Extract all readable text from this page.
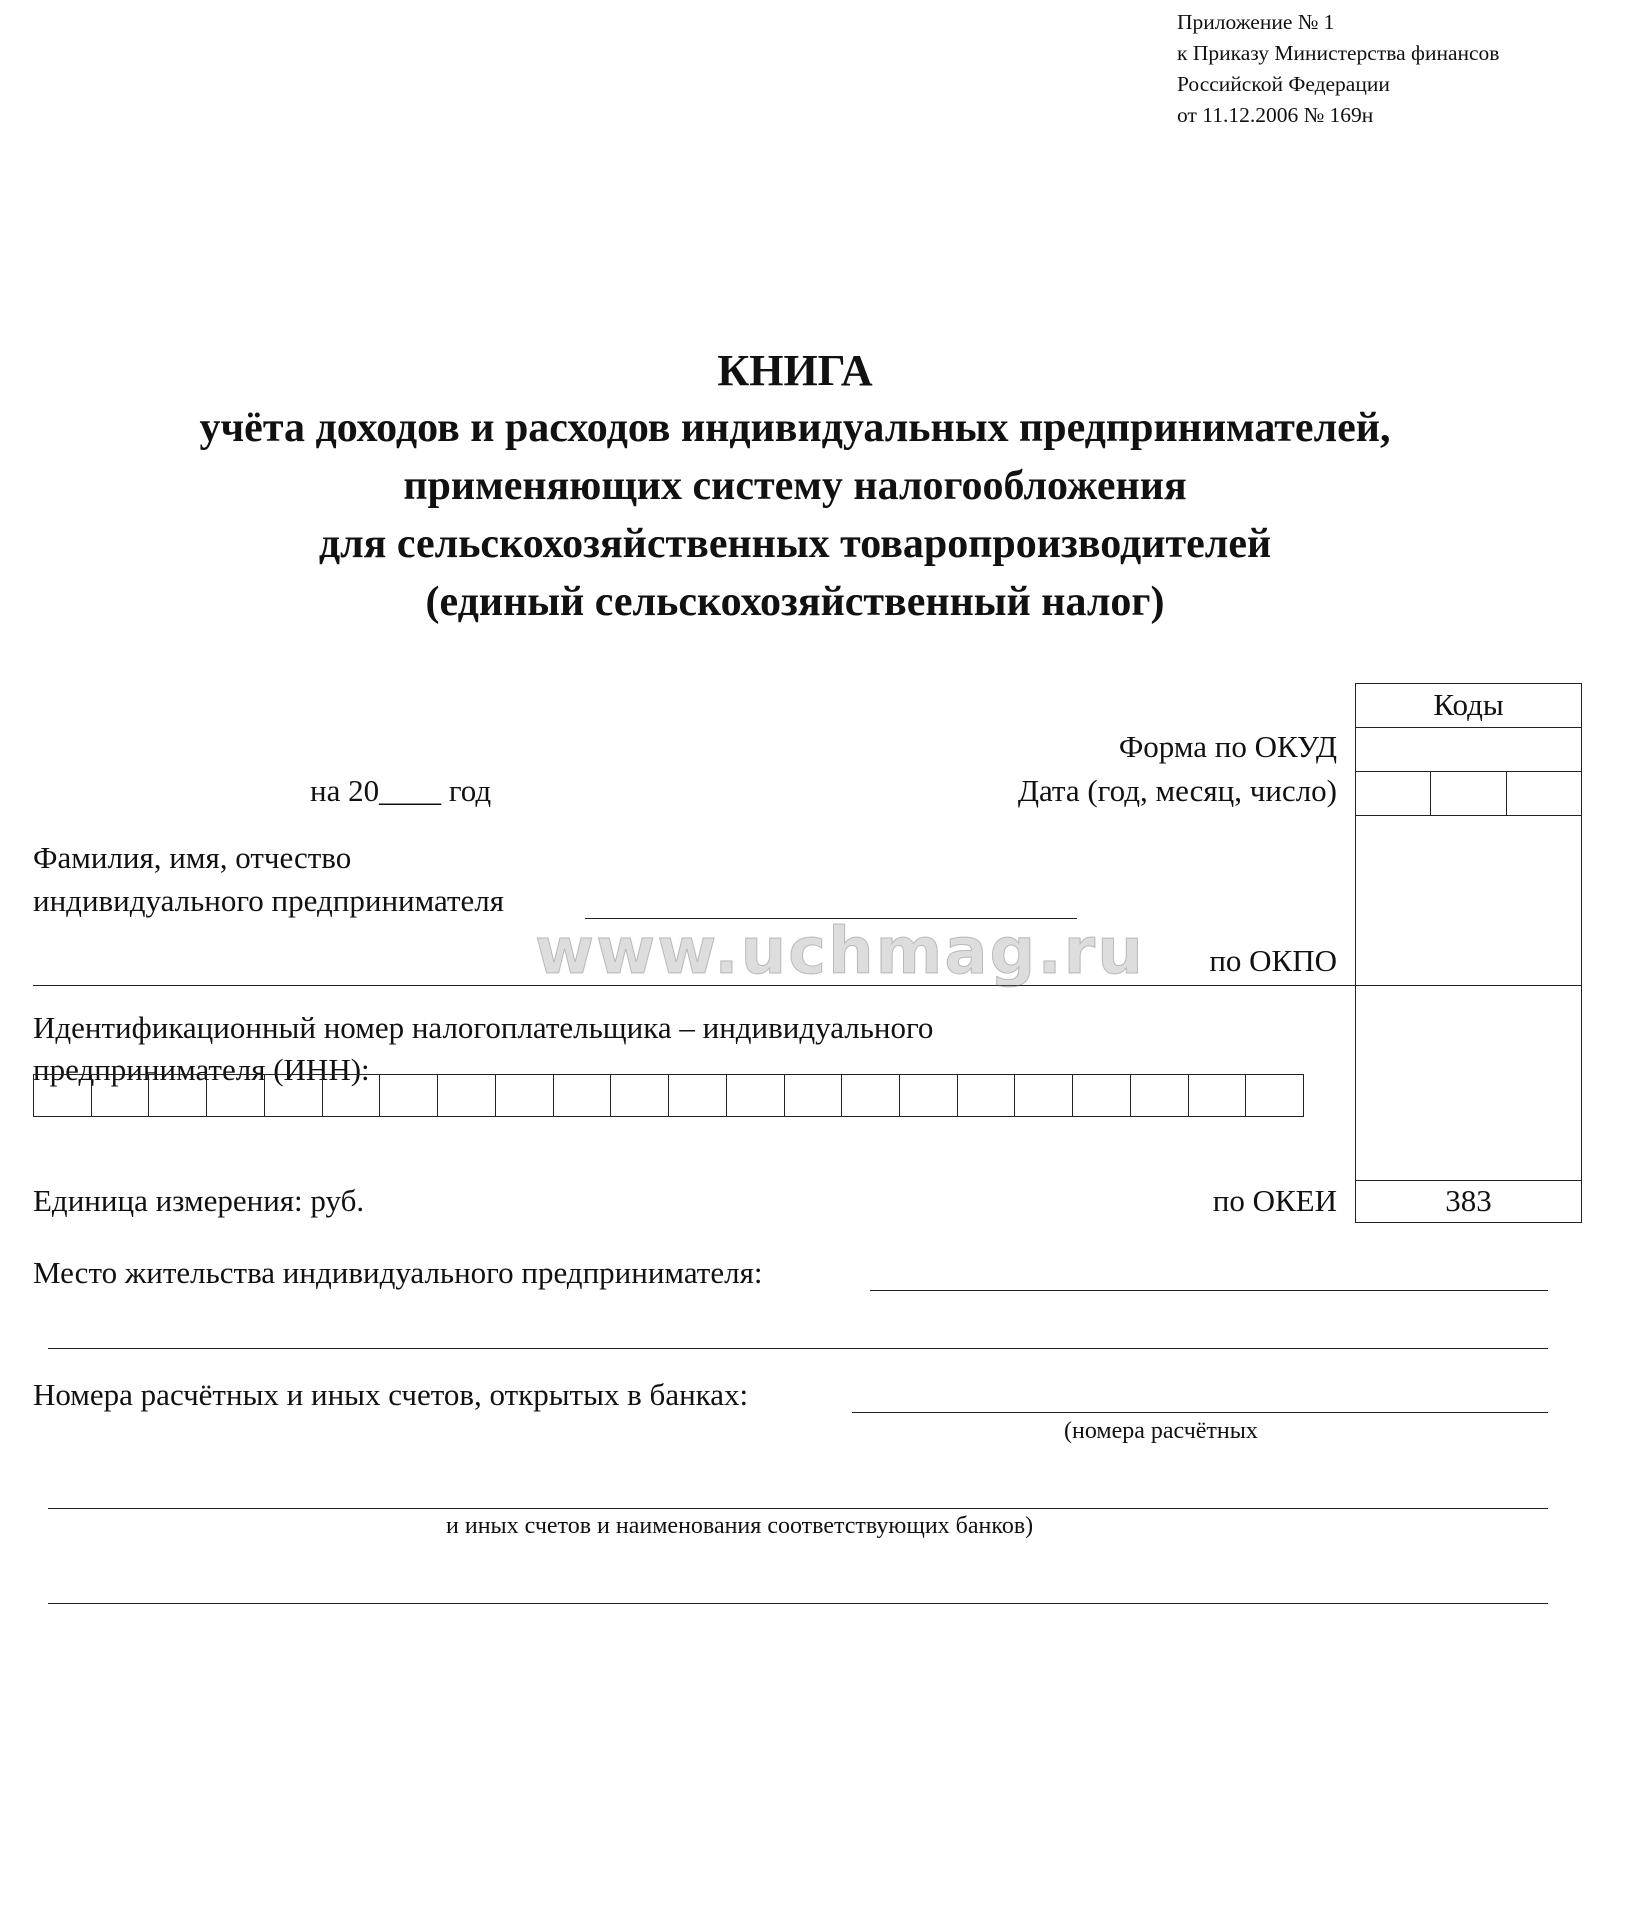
Приложение № 1
к Приказу Министерства финансов
Российской Федерации
от 11.12.2006 № 169н
КНИГА
учёта доходов и расходов индивидуальных предпринимателей,
применяющих систему налогообложения
для сельскохозяйственных товаропроизводителей
(единый сельскохозяйственный налог)
Коды
383
Форма по ОКУД
Дата (год, месяц, число)
по ОКПО
по ОКЕИ
на 20____ год
Фамилия, имя, отчество
индивидуального предпринимателя
www.uchmag.ru
Идентификационный номер налогоплательщика – индивидуального
предпринимателя (ИНН):
Единица измерения: руб.
Место жительства индивидуального предпринимателя:
Номера расчётных и иных счетов, открытых в банках:
(номера расчётных
и иных счетов и наименования соответствующих банков)
